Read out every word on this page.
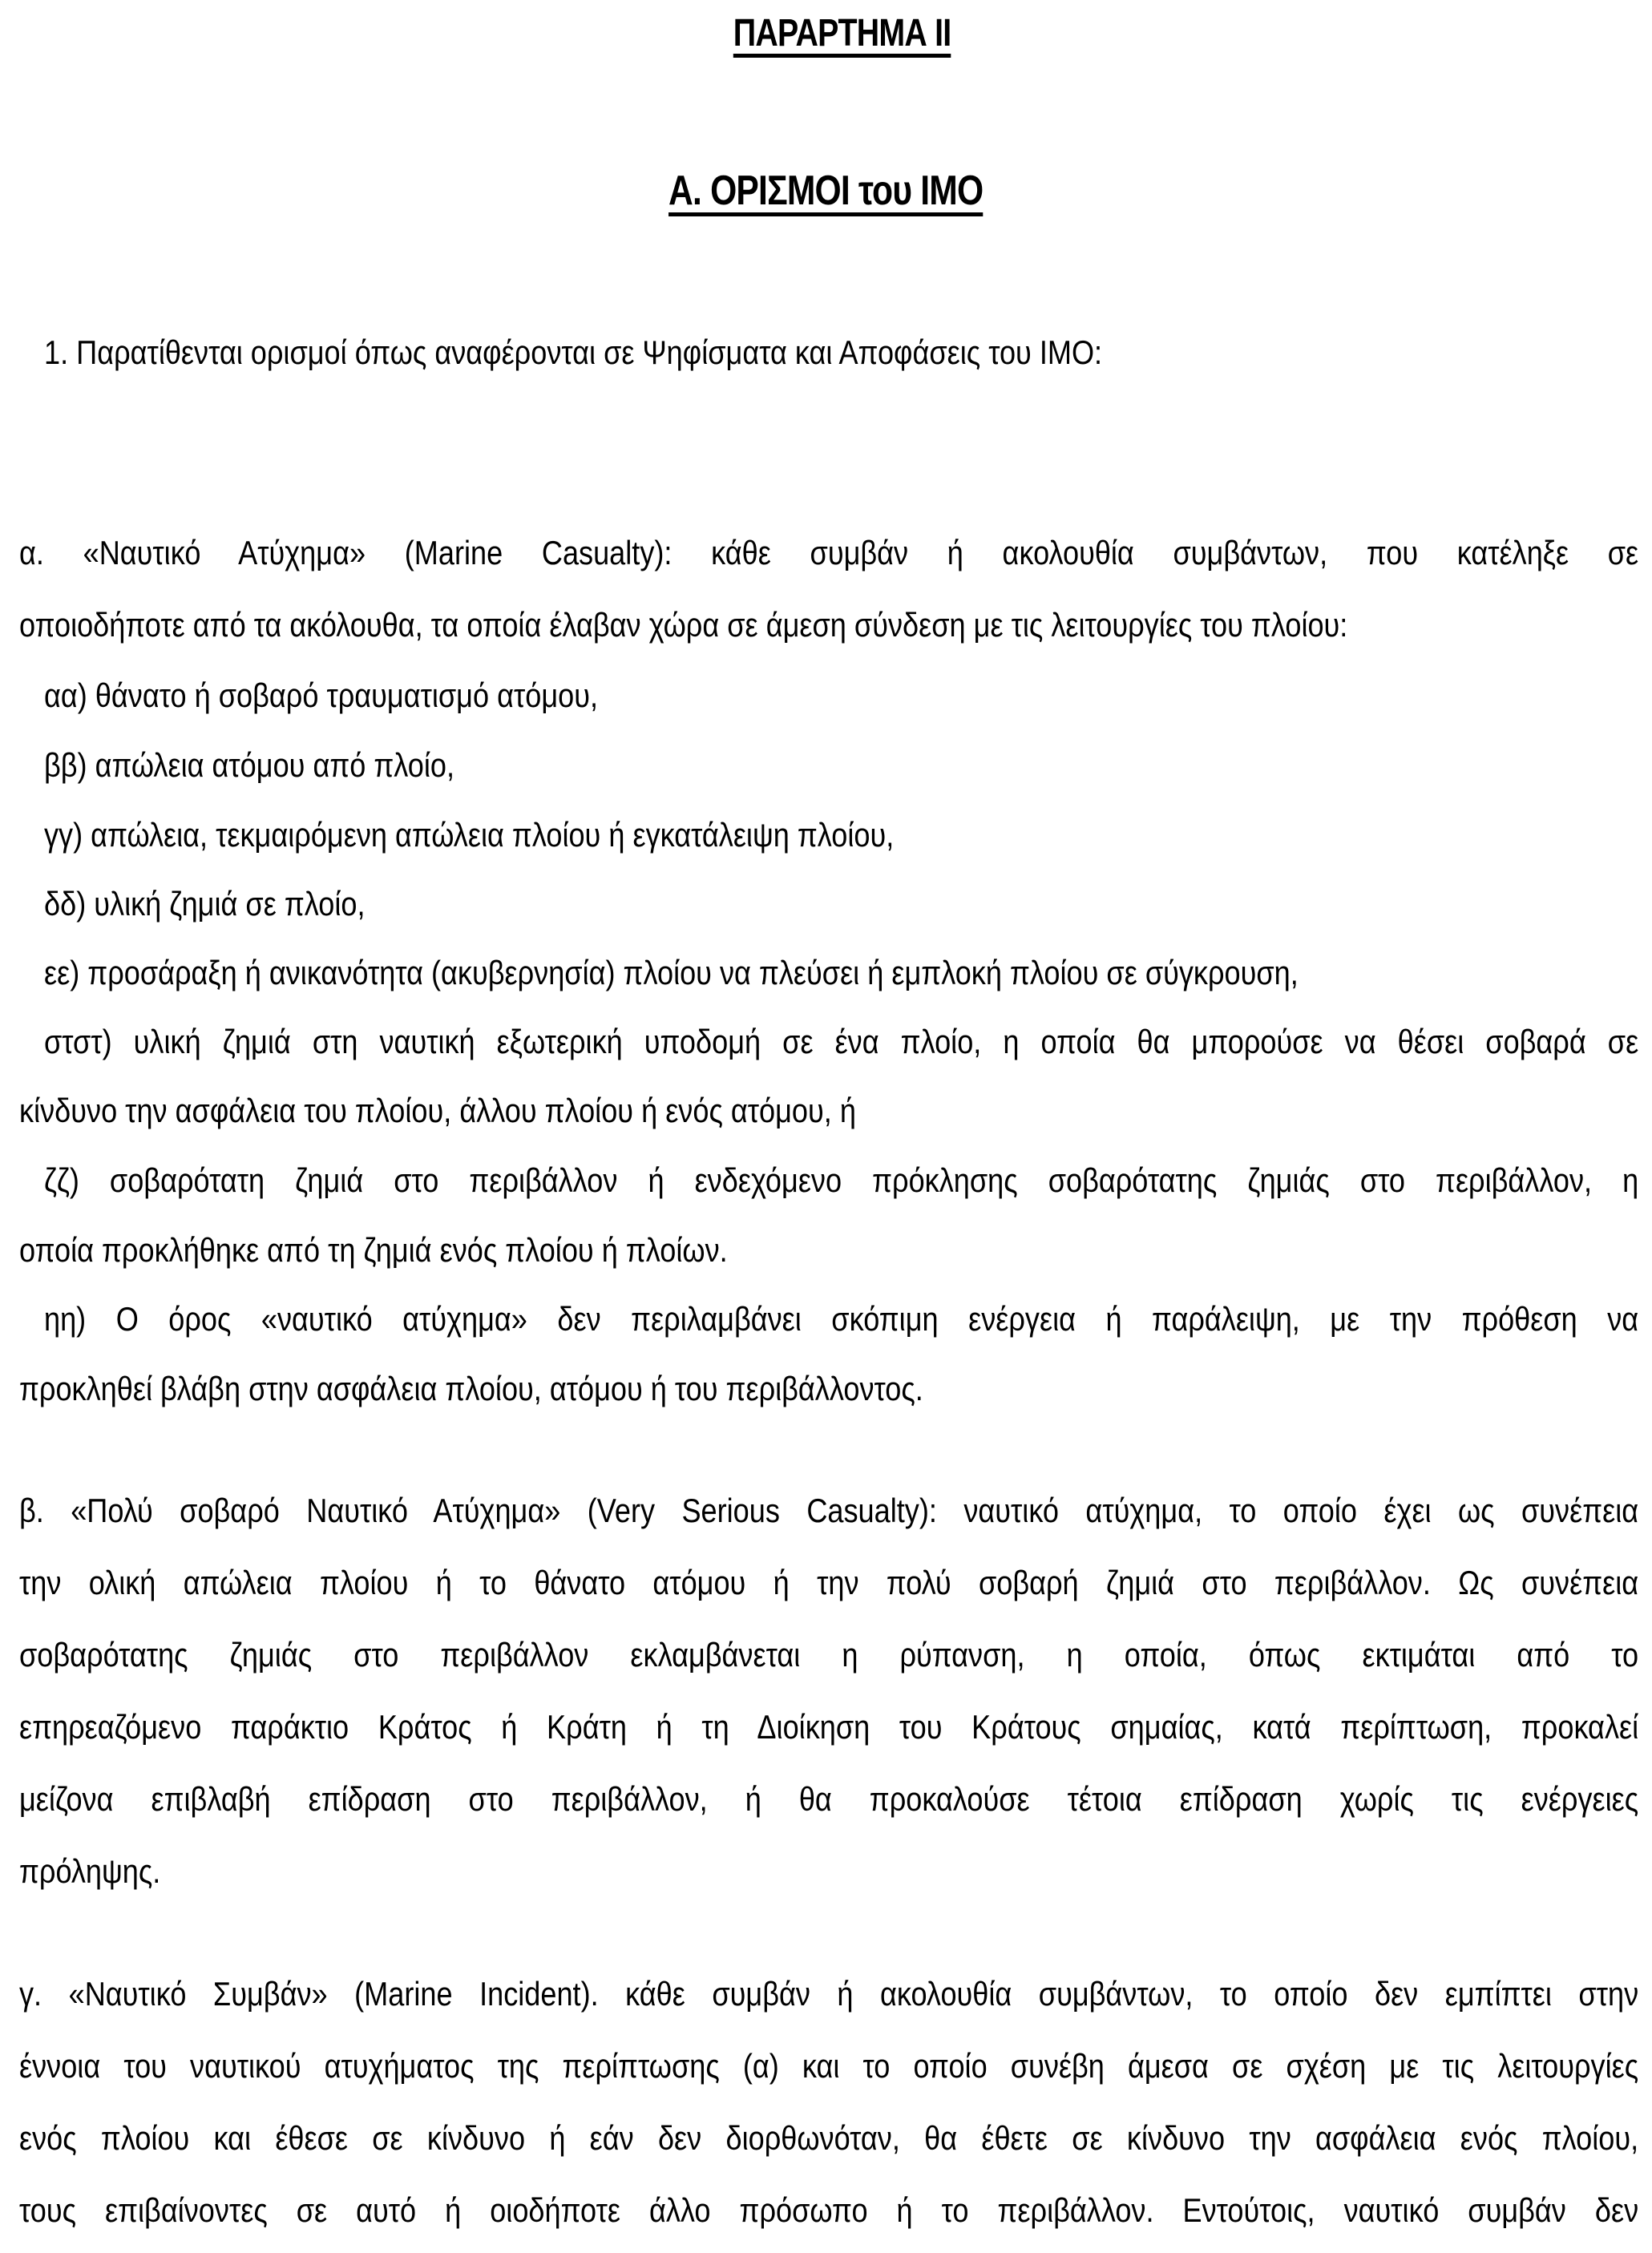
ΠΑΡΑΡΤΗΜΑ ΙΙ
Α. ΟΡΙΣΜΟΙ του ΙΜΟ
1. Παρατίθενται ορισμοί όπως αναφέρονται σε Ψηφίσματα και Αποφάσεις του ΙΜΟ:
α. «Ναυτικό Ατύχημα» (Marine Casualty): κάθε συμβάν ή ακολουθία συμβάντων, που κατέληξε σε
οποιοδήποτε από τα ακόλουθα, τα οποία έλαβαν χώρα σε άμεση σύνδεση με τις λειτουργίες του πλοίου:
αα) θάνατο ή σοβαρό τραυματισμό ατόμου,
ββ) απώλεια ατόμου από πλοίο,
γγ) απώλεια, τεκμαιρόμενη απώλεια πλοίου ή εγκατάλειψη πλοίου,
δδ) υλική ζημιά σε πλοίο,
εε) προσάραξη ή ανικανότητα (ακυβερνησία) πλοίου να πλεύσει ή εμπλοκή πλοίου σε σύγκρουση,
στστ) υλική ζημιά στη ναυτική εξωτερική υποδομή σε ένα πλοίο, η οποία θα μπορούσε να θέσει σοβαρά σε
κίνδυνο την ασφάλεια του πλοίου, άλλου πλοίου ή ενός ατόμου, ή
ζζ) σοβαρότατη ζημιά στο περιβάλλον ή ενδεχόμενο πρόκλησης σοβαρότατης ζημιάς στο περιβάλλον, η
οποία προκλήθηκε από τη ζημιά ενός πλοίου ή πλοίων.
ηη) Ο όρος «ναυτικό ατύχημα» δεν περιλαμβάνει σκόπιμη ενέργεια ή παράλειψη, με την πρόθεση να
προκληθεί βλάβη στην ασφάλεια πλοίου, ατόμου ή του περιβάλλοντος.
β. «Πολύ σοβαρό Ναυτικό Ατύχημα» (Very Serious Casualty): ναυτικό ατύχημα, το οποίο έχει ως συνέπεια
την ολική απώλεια πλοίου ή το θάνατο ατόμου ή την πολύ σοβαρή ζημιά στο περιβάλλον. Ως συνέπεια
σοβαρότατης ζημιάς στο περιβάλλον εκλαμβάνεται η ρύπανση, η οποία, όπως εκτιμάται από το
επηρεαζόμενο παράκτιο Κράτος ή Κράτη ή τη Διοίκηση του Κράτους σημαίας, κατά περίπτωση, προκαλεί
μείζονα επιβλαβή επίδραση στο περιβάλλον, ή θα προκαλούσε τέτοια επίδραση χωρίς τις ενέργειες
πρόληψης.
γ. «Ναυτικό Συμβάν» (Marine Incident). κάθε συμβάν ή ακολουθία συμβάντων, το οποίο δεν εμπίπτει στην
έννοια του ναυτικού ατυχήματος της περίπτωσης (α) και το οποίο συνέβη άμεσα σε σχέση με τις λειτουργίες
ενός πλοίου και έθεσε σε κίνδυνο ή εάν δεν διορθωνόταν, θα έθετε σε κίνδυνο την ασφάλεια ενός πλοίου,
τους επιβαίνοντες σε αυτό ή οιοδήποτε άλλο πρόσωπο ή το περιβάλλον. Εντούτοις, ναυτικό συμβάν δεν
